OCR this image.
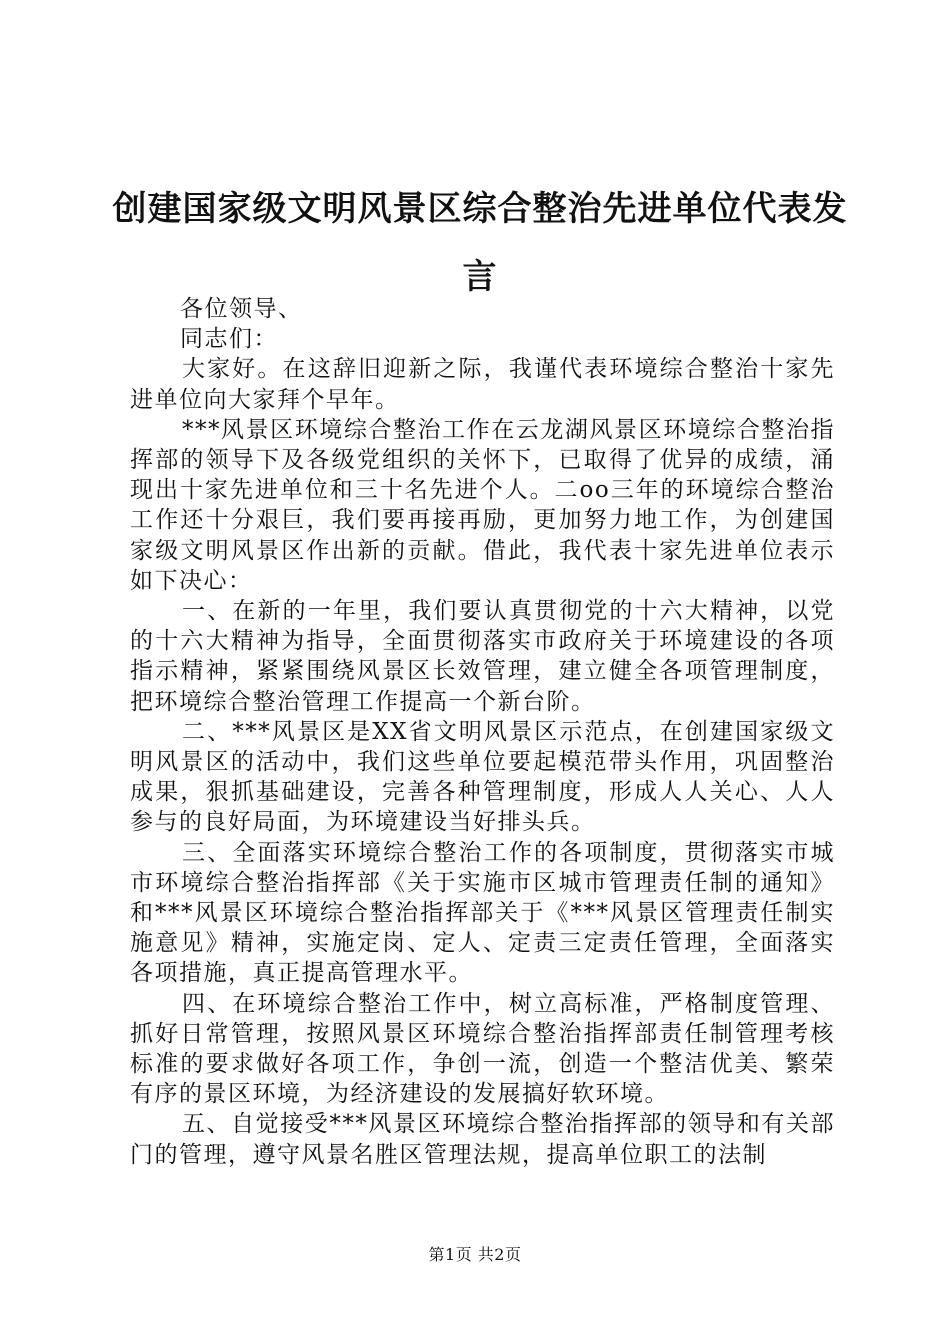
创建国家级文明风景区综合整治先进单位代表发言

各位领导、

同志们：

大家好。在这辞旧迎新之际，我谨代表环境综合整治十家先进单位向大家拜个早年。

***风景区环境综合整治工作在云龙湖风景区环境综合整治指挥部的领导下及各级党组织的关怀下，已取得了优异的成绩，涌现出十家先进单位和三十名先进个人。二oo三年的环境综合整治工作还十分艰巨，我们要再接再励，更加努力地工作，为创建国家级文明风景区作出新的贡献。借此，我代表十家先进单位表示如下决心：

一、在新的一年里，我们要认真贯彻党的十六大精神，以党的十六大精神为指导，全面贯彻落实市政府关于环境建设的各项指示精神，紧紧围绕风景区长效管理，建立健全各项管理制度，把环境综合整治管理工作提高一个新台阶。

二、***风景区是XX省文明风景区示范点，在创建国家级文明风景区的活动中，我们这些单位要起模范带头作用，巩固整治成果，狠抓基础建设，完善各种管理制度，形成人人关心、人人参与的良好局面，为环境建设当好排头兵。

三、全面落实环境综合整治工作的各项制度，贯彻落实市城市环境综合整治指挥部《关于实施市区城市管理责任制的通知》和***风景区环境综合整治指挥部关于《***风景区管理责任制实施意见》精神，实施定岗、定人、定责三定责任管理，全面落实各项措施，真正提高管理水平。

四、在环境综合整治工作中，树立高标准，严格制度管理、抓好日常管理，按照风景区环境综合整治指挥部责任制管理考核标准的要求做好各项工作，争创一流，创造一个整洁优美、繁荣有序的景区环境，为经济建设的发展搞好软环境。

五、自觉接受***风景区环境综合整治指挥部的领导和有关部门的管理，遵守风景名胜区管理法规，提高单位职工的法制

第1页 共2页
